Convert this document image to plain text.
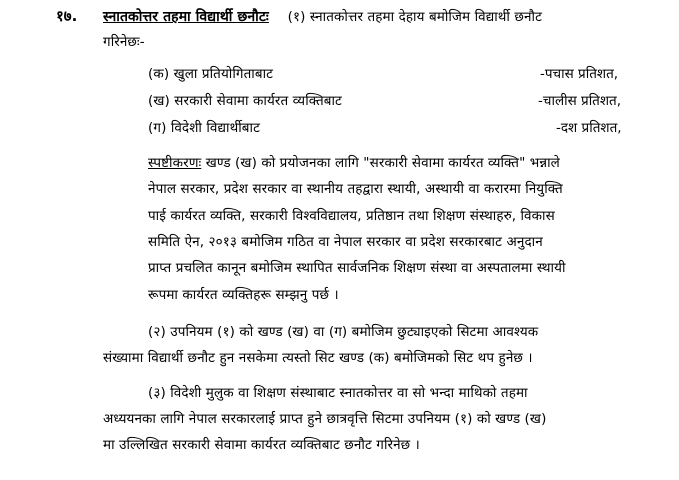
१७. स्नातकोत्तर तहमा विद्यार्थी छनौटः (१) स्नातकोत्तर तहमा देहाय बमोजिम विद्यार्थी छनौट
गरिनेछः-
(क) खुला प्रतियोगिताबाट	-पचास प्रतिशत,
(ख) सरकारी सेवामा कार्यरत व्यक्तिबाट	-चालीस प्रतिशत,
(ग) विदेशी विद्यार्थीबाट	-दश प्रतिशत,
स्पष्टीकरणः खण्ड (ख) को प्रयोजनका लागि "सरकारी सेवामा कार्यरत व्यक्ति" भन्नाले
नेपाल सरकार, प्रदेश सरकार वा स्थानीय तहद्वारा स्थायी, अस्थायी वा करारमा नियुक्ति
पाई कार्यरत व्यक्ति, सरकारी विश्वविद्यालय, प्रतिष्ठान तथा शिक्षण संस्थाहरु, विकास
समिति ऐन, २०१३ बमोजिम गठित वा नेपाल सरकार वा प्रदेश सरकारबाट अनुदान
प्राप्त प्रचलित कानून बमोजिम स्थापित सार्वजनिक शिक्षण संस्था वा अस्पतालमा स्थायी
रूपमा कार्यरत व्यक्तिहरू सम्झनु पर्छ ।
(२) उपनियम (१) को खण्ड (ख) वा (ग) बमोजिम छुट्याइएको सिटमा आवश्यक
संख्यामा विद्यार्थी छनौट हुन नसकेमा त्यस्तो सिट खण्ड (क) बमोजिमको सिट थप हुनेछ ।
(३) विदेशी मुलुक वा शिक्षण संस्थाबाट स्नातकोत्तर वा सो भन्दा माथिको तहमा
अध्ययनका लागि नेपाल सरकारलाई प्राप्त हुने छात्रवृत्ति सिटमा उपनियम (१) को खण्ड (ख)
मा उल्लिखित सरकारी सेवामा कार्यरत व्यक्तिबाट छनौट गरिनेछ ।
